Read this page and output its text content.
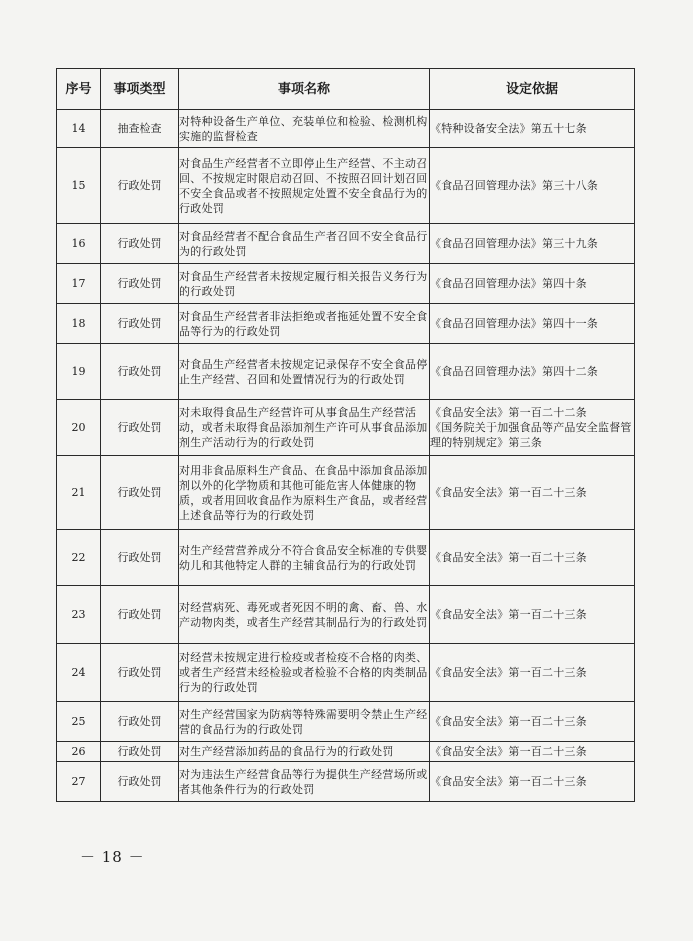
序号	事项类型	事项名称	设定依据
14	抽查检查	对特种设备生产单位、充装单位和检验、检测机构实施的监督检查	《特种设备安全法》第五十七条

15	行政处罚	对食品生产经营者不立即停止生产经营、不主动召回、不按规定时限启动召回、不按照召回计划召回不安全食品或者不按照规定处置不安全食品行为的行政处罚	《食品召回管理办法》第三十八条

16	行政处罚	对食品经营者不配合食品生产者召回不安全食品行为的行政处罚	《食品召回管理办法》第三十九条

17	行政处罚	对食品生产经营者未按规定履行相关报告义务行为的行政处罚	《食品召回管理办法》第四十条

18	行政处罚	对食品生产经营者非法拒绝或者拖延处置不安全食品等行为的行政处罚	《食品召回管理办法》第四十一条

19	行政处罚	对食品生产经营者未按规定记录保存不安全食品停止生产经营、召回和处置情况行为的行政处罚	《食品召回管理办法》第四十二条

20	行政处罚	对未取得食品生产经营许可从事食品生产经营活动，或者未取得食品添加剂生产许可从事食品添加剂生产活动行为的行政处罚	《食品安全法》第一百二十二条
《国务院关于加强食品等产品安全监督管理的特别规定》第三条

21	行政处罚	对用非食品原料生产食品、在食品中添加食品添加剂以外的化学物质和其他可能危害人体健康的物质，或者用回收食品作为原料生产食品，或者经营上述食品等行为的行政处罚	《食品安全法》第一百二十三条

22	行政处罚	对生产经营营养成分不符合食品安全标准的专供婴幼儿和其他特定人群的主辅食品行为的行政处罚	《食品安全法》第一百二十三条

23	行政处罚	对经营病死、毒死或者死因不明的禽、畜、兽、水产动物肉类，或者生产经营其制品行为的行政处罚	《食品安全法》第一百二十三条

24	行政处罚	对经营未按规定进行检疫或者检疫不合格的肉类、或者生产经营未经检验或者检验不合格的肉类制品行为的行政处罚	《食品安全法》第一百二十三条

25	行政处罚	对生产经营国家为防病等特殊需要明令禁止生产经营的食品行为的行政处罚	《食品安全法》第一百二十三条

26	行政处罚	对生产经营添加药品的食品行为的行政处罚	《食品安全法》第一百二十三条

27	行政处罚	对为违法生产经营食品等行为提供生产经营场所或者其他条件行为的行政处罚	《食品安全法》第一百二十三条
－ 18 －
